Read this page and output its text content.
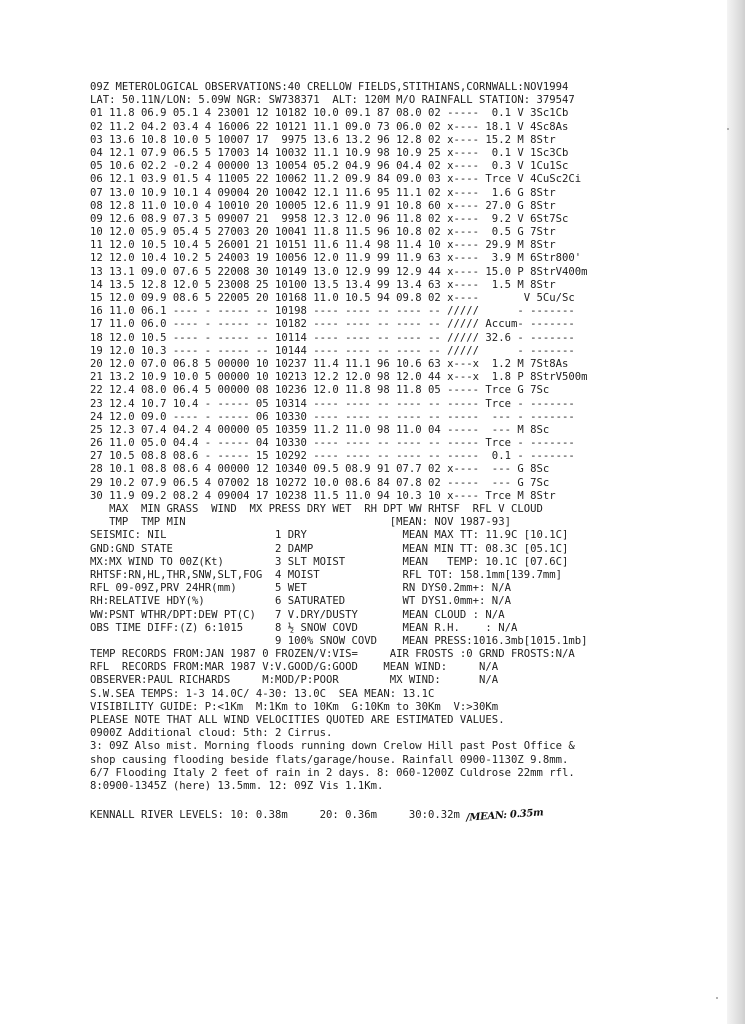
09Z METEROLOGICAL OBSERVATIONS:40 CRELLOW FIELDS,STITHIANS,CORNWALL:NOV1994
LAT: 50.11N/LON: 5.09W NGR: SW738371  ALT: 120M M/O RAINFALL STATION: 379547
01 11.8 06.9 05.1 4 23001 12 10182 10.0 09.1 87 08.0 02 -----  0.1 V 3Sc1Cb
02 11.2 04.2 03.4 4 16006 22 10121 11.1 09.0 73 06.0 02 x---- 18.1 V 4Sc8As
03 13.6 10.8 10.0 5 10007 17  9975 13.6 13.2 96 12.8 02 x---- 15.2 M 8Str
04 12.1 07.9 06.5 5 17003 14 10032 11.1 10.9 98 10.9 25 x----  0.1 V 1Sc3Cb
05 10.6 02.2 -0.2 4 00000 13 10054 05.2 04.9 96 04.4 02 x----  0.3 V 1Cu1Sc
06 12.1 03.9 01.5 4 11005 22 10062 11.2 09.9 84 09.0 03 x---- Trce V 4CuSc2Ci
07 13.0 10.9 10.1 4 09004 20 10042 12.1 11.6 95 11.1 02 x----  1.6 G 8Str
08 12.8 11.0 10.0 4 10010 20 10005 12.6 11.9 91 10.8 60 x---- 27.0 G 8Str
09 12.6 08.9 07.3 5 09007 21  9958 12.3 12.0 96 11.8 02 x----  9.2 V 6St7Sc
10 12.0 05.9 05.4 5 27003 20 10041 11.8 11.5 96 10.8 02 x----  0.5 G 7Str
11 12.0 10.5 10.4 5 26001 21 10151 11.6 11.4 98 11.4 10 x---- 29.9 M 8Str
12 12.0 10.4 10.2 5 24003 19 10056 12.0 11.9 99 11.9 63 x----  3.9 M 6Str800'
13 13.1 09.0 07.6 5 22008 30 10149 13.0 12.9 99 12.9 44 x---- 15.0 P 8StrV400m
14 13.5 12.8 12.0 5 23008 25 10100 13.5 13.4 99 13.4 63 x----  1.5 M 8Str
15 12.0 09.9 08.6 5 22005 20 10168 11.0 10.5 94 09.8 02 x----       V 5Cu/Sc
16 11.0 06.1 ---- - ----- -- 10198 ---- ---- -- ---- -- /////      - -------
17 11.0 06.0 ---- - ----- -- 10182 ---- ---- -- ---- -- ///// Accum- -------
18 12.0 10.5 ---- - ----- -- 10114 ---- ---- -- ---- -- ///// 32.6 - -------
19 12.0 10.3 ---- - ----- -- 10144 ---- ---- -- ---- -- /////      - -------
20 12.0 07.0 06.8 5 00000 10 10237 11.4 11.1 96 10.6 63 x---x  1.2 M 7St8As
21 13.2 10.9 10.0 5 00000 10 10213 12.2 12.0 98 12.0 44 x---x  1.8 P 8StrV500m
22 12.4 08.0 06.4 5 00000 08 10236 12.0 11.8 98 11.8 05 ----- Trce G 7Sc
23 12.4 10.7 10.4 - ----- 05 10314 ---- ---- -- ---- -- ----- Trce - -------
24 12.0 09.0 ---- - ----- 06 10330 ---- ---- -- ---- -- -----  --- - -------
25 12.3 07.4 04.2 4 00000 05 10359 11.2 11.0 98 11.0 04 -----  --- M 8Sc
26 11.0 05.0 04.4 - ----- 04 10330 ---- ---- -- ---- -- ----- Trce - -------
27 10.5 08.8 08.6 - ----- 15 10292 ---- ---- -- ---- -- -----  0.1 - -------
28 10.1 08.8 08.6 4 00000 12 10340 09.5 08.9 91 07.7 02 x----  --- G 8Sc
29 10.2 07.9 06.5 4 07002 18 10272 10.0 08.6 84 07.8 02 -----  --- G 7Sc
30 11.9 09.2 08.2 4 09004 17 10238 11.5 11.0 94 10.3 10 x---- Trce M 8Str
MAX  MIN GRASS  WIND  MX PRESS DRY WET  RH DPT WW RHTSF  RFL V CLOUD
TMP  TMP MIN                                [MEAN: NOV 1987-93]
SEISMIC: NIL                 1 DRY               MEAN MAX TT: 11.9C [10.1C]
GND:GND STATE                2 DAMP              MEAN MIN TT: 08.3C [05.1C]
MX:MX WIND TO 00Z(Kt)        3 SLT MOIST         MEAN   TEMP: 10.1C [07.6C]
RHTSF:RN,HL,THR,SNW,SLT,FOG  4 MOIST             RFL TOT: 158.1mm[139.7mm]
RFL 09-09Z,PRV 24HR(mm)      5 WET               RN DYS0.2mm+: N/A
RH:RELATIVE HDY(%)           6 SATURATED         WT DYS1.0mm+: N/A
WW:PSNT WTHR/DPT:DEW PT(C)   7 V.DRY/DUSTY       MEAN CLOUD : N/A
OBS TIME DIFF:(Z) 6:1015     8 ½ SNOW COVD       MEAN R.H.    : N/A
9 100% SNOW COVD    MEAN PRESS:1016.3mb[1015.1mb]
TEMP RECORDS FROM:JAN 1987 0 FROZEN/V:VIS=     AIR FROSTS :0 GRND FROSTS:N/A
RFL  RECORDS FROM:MAR 1987 V:V.GOOD/G:GOOD    MEAN WIND:     N/A
OBSERVER:PAUL RICHARDS     M:MOD/P:POOR        MX WIND:      N/A
S.W.SEA TEMPS: 1-3 14.0C/ 4-30: 13.0C  SEA MEAN: 13.1C
VISIBILITY GUIDE: P:<1Km  M:1Km to 10Km  G:10Km to 30Km  V:>30Km
PLEASE NOTE THAT ALL WIND VELOCITIES QUOTED ARE ESTIMATED VALUES.
0900Z Additional cloud: 5th: 2 Cirrus.
3: 09Z Also mist. Morning floods running down Crelow Hill past Post Office &
shop causing flooding beside flats/garage/house. Rainfall 0900-1130Z 9.8mm.
6/7 Flooding Italy 2 feet of rain in 2 days. 8: 060-1200Z Culdrose 22mm rfl.
8:0900-1345Z (here) 13.5mm. 12: 09Z Vis 1.1Km.
KENNALL RIVER LEVELS: 10: 0.38m     20: 0.36m     30:0.32m /MEAN: 0.35m
